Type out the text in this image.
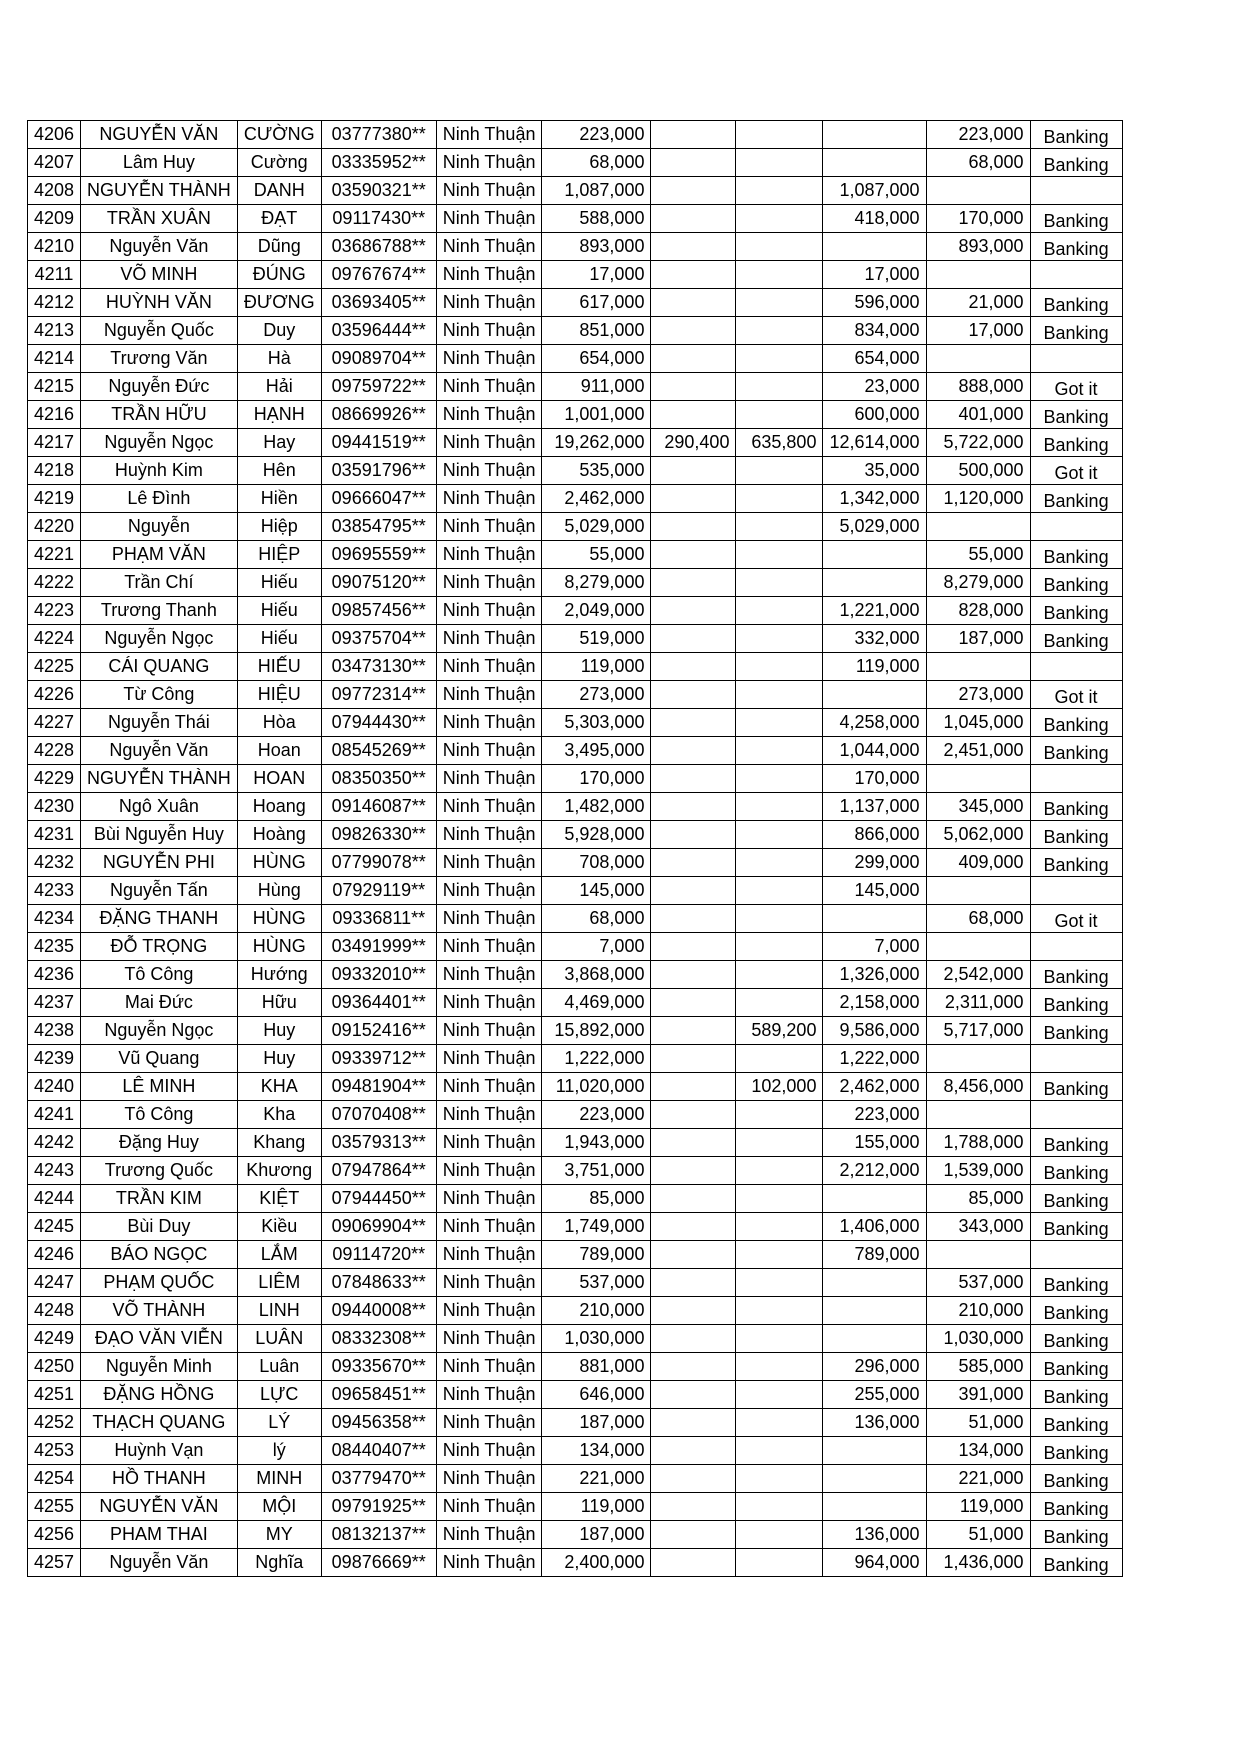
4206	NGUYỄN VĂN	CƯỜNG	03777380**	Ninh Thuận	223,000				223,000	Banking
4207	Lâm Huy	Cường	03335952**	Ninh Thuận	68,000				68,000	Banking
4208	NGUYỄN THÀNH	DANH	03590321**	Ninh Thuận	1,087,000			1,087,000		
4209	TRẦN XUÂN	ĐẠT	09117430**	Ninh Thuận	588,000			418,000	170,000	Banking
4210	Nguyễn Văn	Dũng	03686788**	Ninh Thuận	893,000				893,000	Banking
4211	VÕ MINH	ĐÚNG	09767674**	Ninh Thuận	17,000			17,000		
4212	HUỲNH VĂN	ĐƯƠNG	03693405**	Ninh Thuận	617,000			596,000	21,000	Banking
4213	Nguyễn Quốc	Duy	03596444**	Ninh Thuận	851,000			834,000	17,000	Banking
4214	Trương Văn	Hà	09089704**	Ninh Thuận	654,000			654,000		
4215	Nguyễn Đức	Hải	09759722**	Ninh Thuận	911,000			23,000	888,000	Got it
4216	TRẦN HỮU	HẠNH	08669926**	Ninh Thuận	1,001,000			600,000	401,000	Banking
4217	Nguyễn Ngọc	Hay	09441519**	Ninh Thuận	19,262,000	290,400	635,800	12,614,000	5,722,000	Banking
4218	Huỳnh Kim	Hên	03591796**	Ninh Thuận	535,000			35,000	500,000	Got it
4219	Lê Đình	Hiền	09666047**	Ninh Thuận	2,462,000			1,342,000	1,120,000	Banking
4220	Nguyễn	Hiệp	03854795**	Ninh Thuận	5,029,000			5,029,000		
4221	PHẠM VĂN	HIỆP	09695559**	Ninh Thuận	55,000				55,000	Banking
4222	Trần Chí	Hiếu	09075120**	Ninh Thuận	8,279,000				8,279,000	Banking
4223	Trương Thanh	Hiếu	09857456**	Ninh Thuận	2,049,000			1,221,000	828,000	Banking
4224	Nguyễn Ngọc	Hiếu	09375704**	Ninh Thuận	519,000			332,000	187,000	Banking
4225	CÁI QUANG	HIẾU	03473130**	Ninh Thuận	119,000			119,000		
4226	Từ Công	HIỆU	09772314**	Ninh Thuận	273,000				273,000	Got it
4227	Nguyễn Thái	Hòa	07944430**	Ninh Thuận	5,303,000			4,258,000	1,045,000	Banking
4228	Nguyễn Văn	Hoan	08545269**	Ninh Thuận	3,495,000			1,044,000	2,451,000	Banking
4229	NGUYỄN THÀNH	HOAN	08350350**	Ninh Thuận	170,000			170,000		
4230	Ngô Xuân	Hoang	09146087**	Ninh Thuận	1,482,000			1,137,000	345,000	Banking
4231	Bùi Nguyễn Huy	Hoàng	09826330**	Ninh Thuận	5,928,000			866,000	5,062,000	Banking
4232	NGUYỄN PHI	HÙNG	07799078**	Ninh Thuận	708,000			299,000	409,000	Banking
4233	Nguyễn Tấn	Hùng	07929119**	Ninh Thuận	145,000			145,000		
4234	ĐẶNG THANH	HÙNG	09336811**	Ninh Thuận	68,000				68,000	Got it
4235	ĐỖ TRỌNG	HÙNG	03491999**	Ninh Thuận	7,000			7,000		
4236	Tô Công	Hướng	09332010**	Ninh Thuận	3,868,000			1,326,000	2,542,000	Banking
4237	Mai Đức	Hữu	09364401**	Ninh Thuận	4,469,000			2,158,000	2,311,000	Banking
4238	Nguyễn Ngọc	Huy	09152416**	Ninh Thuận	15,892,000		589,200	9,586,000	5,717,000	Banking
4239	Vũ Quang	Huy	09339712**	Ninh Thuận	1,222,000			1,222,000		
4240	LÊ MINH	KHA	09481904**	Ninh Thuận	11,020,000		102,000	2,462,000	8,456,000	Banking
4241	Tô Công	Kha	07070408**	Ninh Thuận	223,000			223,000		
4242	Đặng Huy	Khang	03579313**	Ninh Thuận	1,943,000			155,000	1,788,000	Banking
4243	Trương Quốc	Khương	07947864**	Ninh Thuận	3,751,000			2,212,000	1,539,000	Banking
4244	TRẦN KIM	KIỆT	07944450**	Ninh Thuận	85,000				85,000	Banking
4245	Bùi Duy	Kiều	09069904**	Ninh Thuận	1,749,000			1,406,000	343,000	Banking
4246	BÁO NGỌC	LẮM	09114720**	Ninh Thuận	789,000			789,000		
4247	PHẠM QUỐC	LIÊM	07848633**	Ninh Thuận	537,000				537,000	Banking
4248	VÕ THÀNH	LINH	09440008**	Ninh Thuận	210,000				210,000	Banking
4249	ĐẠO VĂN VIỄN	LUÂN	08332308**	Ninh Thuận	1,030,000				1,030,000	Banking
4250	Nguyễn Minh	Luân	09335670**	Ninh Thuận	881,000			296,000	585,000	Banking
4251	ĐẶNG HỒNG	LỰC	09658451**	Ninh Thuận	646,000			255,000	391,000	Banking
4252	THẠCH QUANG	LÝ	09456358**	Ninh Thuận	187,000			136,000	51,000	Banking
4253	Huỳnh Vạn	lý	08440407**	Ninh Thuận	134,000				134,000	Banking
4254	HỒ THANH	MINH	03779470**	Ninh Thuận	221,000				221,000	Banking
4255	NGUYỄN VĂN	MỘI	09791925**	Ninh Thuận	119,000				119,000	Banking
4256	PHAM THAI	MY	08132137**	Ninh Thuận	187,000			136,000	51,000	Banking
4257	Nguyễn Văn	Nghĩa	09876669**	Ninh Thuận	2,400,000			964,000	1,436,000	Banking
